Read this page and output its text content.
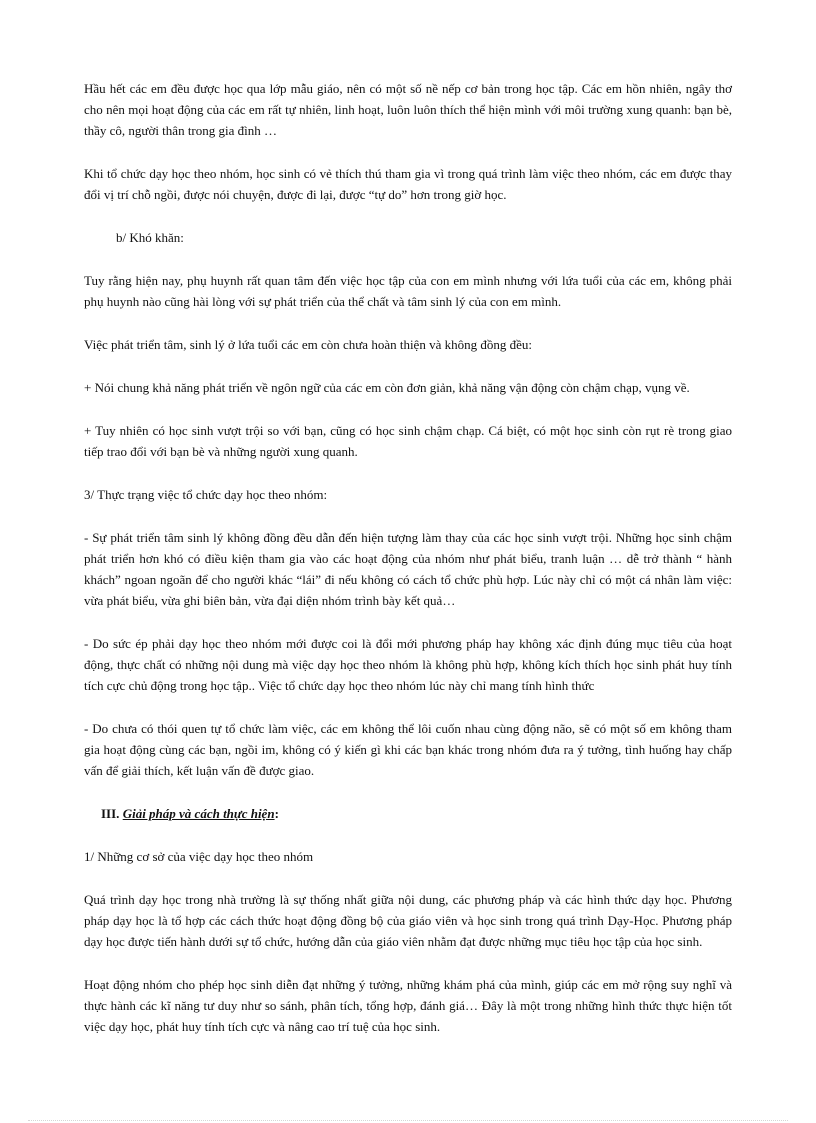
Hầu hết các em đều được học qua lớp mẫu giáo, nên có một số nề nếp cơ bản trong học tập. Các em hồn nhiên, ngây thơ cho nên mọi hoạt động của các em rất tự nhiên, linh hoạt, luôn luôn thích thể hiện mình với môi trường xung quanh: bạn bè, thầy cô, người thân trong gia đình …

Khi tổ chức dạy học theo nhóm, học sinh có vẻ thích thú tham gia vì trong quá trình làm việc theo nhóm, các em được thay đổi vị trí chỗ ngồi, được nói chuyện, được đi lại, được “tự do” hơn trong giờ học.

b/ Khó khăn:

Tuy rằng hiện nay, phụ huynh rất quan tâm đến việc học tập của con em mình nhưng với lứa tuổi của các em, không phải phụ huynh nào cũng hài lòng với sự phát triển của thể chất và tâm sinh lý của con em mình.

Việc phát triển tâm, sinh lý ở lứa tuổi các em còn chưa hoàn thiện và không đồng đều:

+ Nói chung khả năng phát triển về ngôn ngữ của các em còn đơn giản, khả năng vận động còn chậm chạp, vụng về.

+ Tuy nhiên có học sinh vượt trội so với bạn, cũng có học sinh chậm chạp. Cá biệt, có một học sinh còn rụt rè trong giao tiếp trao đổi với bạn bè và những người xung quanh.

3/ Thực trạng việc tổ chức dạy học theo nhóm:

- Sự phát triển tâm sinh lý không đồng đều dẫn đến hiện tượng làm thay của các học sinh vượt trội. Những học sinh chậm phát triển hơn khó có điều kiện tham gia vào các hoạt động của nhóm như phát biểu, tranh luận … dễ trở thành “ hành khách” ngoan ngoãn để cho người khác “lái” đi nếu không có cách tổ chức phù hợp. Lúc này chỉ có một cá nhân làm việc: vừa phát biểu, vừa ghi biên bản, vừa đại diện nhóm trình bày kết quả…

- Do sức ép phải dạy học theo nhóm mới được coi là đổi mới phương pháp hay không xác định đúng mục tiêu của hoạt động, thực chất có những nội dung mà việc dạy học theo nhóm là không phù hợp, không kích thích học sinh phát huy tính tích cực chủ động trong học tập.. Việc tổ chức dạy học theo nhóm lúc này chỉ mang tính hình thức

- Do chưa có thói quen tự tổ chức làm việc, các em không thể lôi cuốn nhau cùng động não, sẽ có một số em không tham gia hoạt động cùng các bạn, ngồi im, không có ý kiến gì khi các bạn khác trong nhóm đưa ra ý tưởng, tình huống hay chấp vấn để giải thích, kết luận vấn đề được giao.

III. Giải pháp và cách thực hiện:

1/ Những cơ sở của việc dạy học theo nhóm

Quá trình dạy học trong nhà trường là sự thống nhất giữa nội dung, các phương pháp và các hình thức dạy học. Phương pháp dạy học là tổ hợp các cách thức hoạt động đồng bộ của giáo viên và học sinh trong quá trình Dạy-Học. Phương pháp dạy học được tiến hành dưới sự tổ chức, hướng dẫn của giáo viên nhằm đạt được những mục tiêu học tập của học sinh.

Hoạt động nhóm cho phép học sinh diễn đạt những ý tưởng, những khám phá của mình, giúp các em mở rộng suy nghĩ và thực hành các kĩ năng tư duy như so sánh, phân tích, tổng hợp, đánh giá… Đây là một trong những hình thức thực hiện tốt việc dạy học, phát huy tính tích cực và nâng cao trí tuệ của học sinh.
